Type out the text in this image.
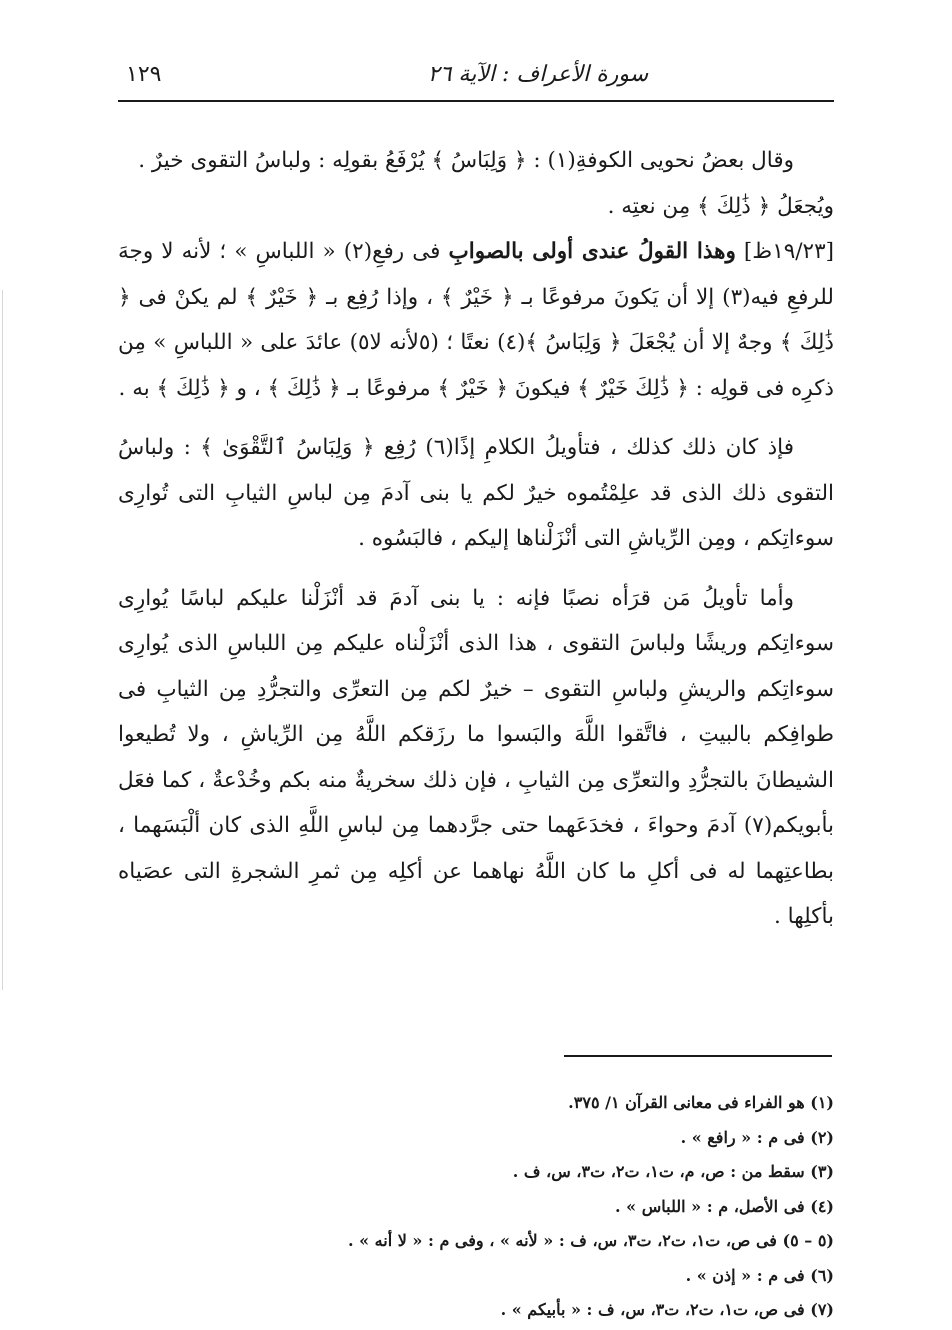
١٢٩	سورة الأعراف : الآية ٢٦

وقال بعضُ نحويى الكوفةِ(١) : ﴿ وَلِبَاسُ ﴾ يُرْفَعُ بقولِه : ولباسُ التقوى خيرٌ .

ويُجعَلُ ﴿ ذَٰلِكَ ﴾ مِن نعتِه .

[١٩/٢٣ظ] وهذا القولُ عندى أولى بالصوابِ فى رفعِ(٢) « اللباسِ » ؛ لأنه لا وجهَ للرفعِ فيه(٣) إلا أن يَكونَ مرفوعًا بـ ﴿ خَيْرٌ ﴾ ، وإذا رُفِع بـ ﴿ خَيْرٌ ﴾ لم يكنْ فى ﴿ ذَٰلِكَ ﴾ وجهٌ إلا أن يُجْعَلَ ﴿ وَلِبَاسُ ﴾(٤) نعتًا ؛ (٥لأنه لا٥) عائدَ على « اللباسِ » مِن ذكرِه فى قولِه : ﴿ ذَٰلِكَ خَيْرٌ ﴾ فيكونَ ﴿ خَيْرٌ ﴾ مرفوعًا بـ ﴿ ذَٰلِكَ ﴾ ، و ﴿ ذَٰلِكَ ﴾ به .

فإذ كان ذلك كذلك ، فتأويلُ الكلامِ إذًا(٦) رُفِع ﴿ وَلِبَاسُ ٱلتَّقْوَىٰ ﴾ : ولباسُ التقوى ذلك الذى قد علِمْتُموه خيرٌ لكم يا بنى آدمَ مِن لباسِ الثيابِ التى تُوارِى سوءاتِكم ، ومِن الرِّياشِ التى أنْزَلْناها إليكم ، فالبَسُوه .

وأما تأويلُ مَن قرَأه نصبًا فإنه : يا بنى آدمَ قد أنْزَلْنا عليكم لباسًا يُوارِى سوءاتِكم وريشًا ولباسَ التقوى ، هذا الذى أنْزَلْناه عليكم مِن اللباسِ الذى يُوارِى سوءاتِكم والريشِ ولباسِ التقوى – خيرٌ لكم مِن التعرِّى والتجرُّدِ مِن الثيابِ فى طوافِكم بالبيتِ ، فاتَّقوا اللَّهَ والبَسوا ما رزَقكم اللَّهُ مِن الرِّياشِ ، ولا تُطيعوا الشيطانَ بالتجرُّدِ والتعرِّى مِن الثيابِ ، فإن ذلك سخريةٌ منه بكم وخُدْعةٌ ، كما فعَل بأبويكم(٧) آدمَ وحواءَ ، فخدَعَهما حتى جرَّدهما مِن لباسِ اللَّهِ الذى كان ألْبَسَهما ، بطاعتِهما له فى أكلِ ما كان اللَّهُ نهاهما عن أكلِه مِن ثمرِ الشجرةِ التى عصَياه بأكلِها .

(١) هو الفراء فى معانى القرآن ١/ ٣٧٥.
(٢) فى م : « رافع » .
(٣) سقط من : ص، م، ت١، ت٢، ت٣، س، ف .
(٤) فى الأصل، م : « اللباس » .
(٥ – ٥) فى ص، ت١، ت٢، ت٣، س، ف : « لأنه » ، وفى م : « لا أنه » .
(٦) فى م : « إذن » .
(٧) فى ص، ت١، ت٢، ت٣، س، ف : « بأبيكم » .
